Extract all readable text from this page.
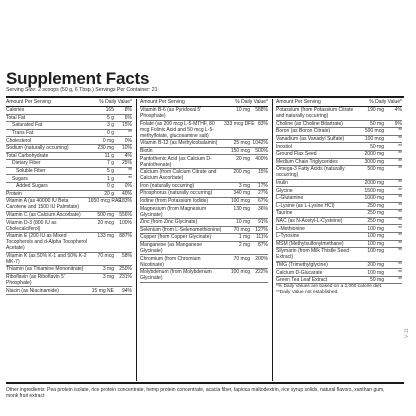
Supplement Facts
Serving Size: 2 scoops (50 g, 6 Tbsp.) Servings Per Container: 21
Amount Per Serving	% Daily Value*
Calories	165	8%
Total Fat	5 g	6%
Saturated Fat	3 g	15%
Trans Fat	0 g	**
Cholesterol	0 mg	0%
Sodium (naturally occurring)	230 mg	10%
Total Carbohydrate	11 g	4%
Dietary Fiber	7 g	25%
Soluble Fiber	5 g	**
Sugars	1 g	**
Added Sugars	0 g	0%
Protein	20 g	40%
Vitamin A (as 40000 IU Beta Carotene and 1500 IU Palmitate)
1650 mcg RAE
183%
Vitamin C (as Calcium Ascorbate)	500 mg	556%
Vitamin D-3 (800 IU as Cholecalciferol)
20 mcg	100%
Vitamin E (200 IU as Mixed Tocopherols and d-Alpha Tocopherol Acetate)
133 mg	887%
Vitamin K (as 50% K-1 and 50% K-2 MK-7)
70 mcg	58%
Thiamin (as Thiamine Mononitrate)	3 mg	250%
Riboflavin (as Riboflavin 5' Phosphate)
3 mg	231%
Niacin (as Niacinamide)	15 mg NE	94%
Amount Per Serving	% Daily Value*
Vitamin B-6 (as Pyridoxal 5' Phosphate)
10 mg	588%
Folate (as 200 mcg L-5-MTHF, 80 mcg Folinic Acid and 50 mcg L-5-methylfolate, glucosamine salt)
333 mcg DFE 83%
Vitamin B-12 (as Methylcobalamin)	25 mcg 1042%
Biotin	150 mcg	500%
Pantothenic Acid (as Calcium D-Pantothenate)
20 mg	400%
Calcium (from Calcium Citrate and Calcium Ascorbate)
200 mg	15%
Iron (naturally occurring)	3 mg	17%
Phosphorus (naturally occurring)	340 mg	27%
Iodine (from Potassium Iodide)	100 mcg	67%
Magnesium (from Magnesium Glycinate)
130 mg	36%
Zinc (from Zinc Glycinate)	10 mg	91%
Selenium (from L-Selenomethionine)	70 mcg	127%
Copper (from Copper Glycinate)	1 mg	111%
Manganese (as Manganese Glycinate)
2 mg	87%
Chromium (from Chromium Nicotinate)
70 mcg	200%
Molybdenum (from Molybdenum Glycinate)
100 mcg	222%
Amount Per Serving	% Daily Value*
Potassium (from Potassium Citrate and naturally occurring)
190 mg	4%
Choline (as Choline Bitartrate)	50 mg	9%
Boron (as Boron Citrate)	500 mcg	**
Vanadium (as Vanadyl Sulfate)	100 mcg	**
Inositol	50 mg	**
Ground Flax Seed	2000 mg	**
Medium Chain Triglycerides	3000 mg	**
Omega-3 Fatty Acids (naturally occurring)
500 mg	**
Inulin	2000 mg	**
Glycine	1500 mg	**
L-Glutamine	1000 mg	**
L-Lysine (as L-Lysine HCl)	250 mg	**
Taurine	250 mg	**
NAC (as N-Acetyl-L-Cysteine)	250 mg	**
L-Methionine	100 mg	**
L-Tyrosine	100 mg	**
MSM (Methylsulfonylmethane)	100 mg	**
Silymarin (from Milk Thistle Seed Extract)
100 mg	**
TMG (Trimethylglycine)	200 mg	**
Calcium D-Glucarate	100 mg	**
Green Tea Leaf Extract	50 mg	**
*% Daily Values are based on a 2,000 calorie diet.
**Daily Value not established.
Other ingredients: Pea protein isolate, rice protein concentrate, hemp protein concentrate, acacia fiber, tapioca maltodextrin, rice syrup solids, natural flavors, xanthan gum, monk fruit extract
V-11
